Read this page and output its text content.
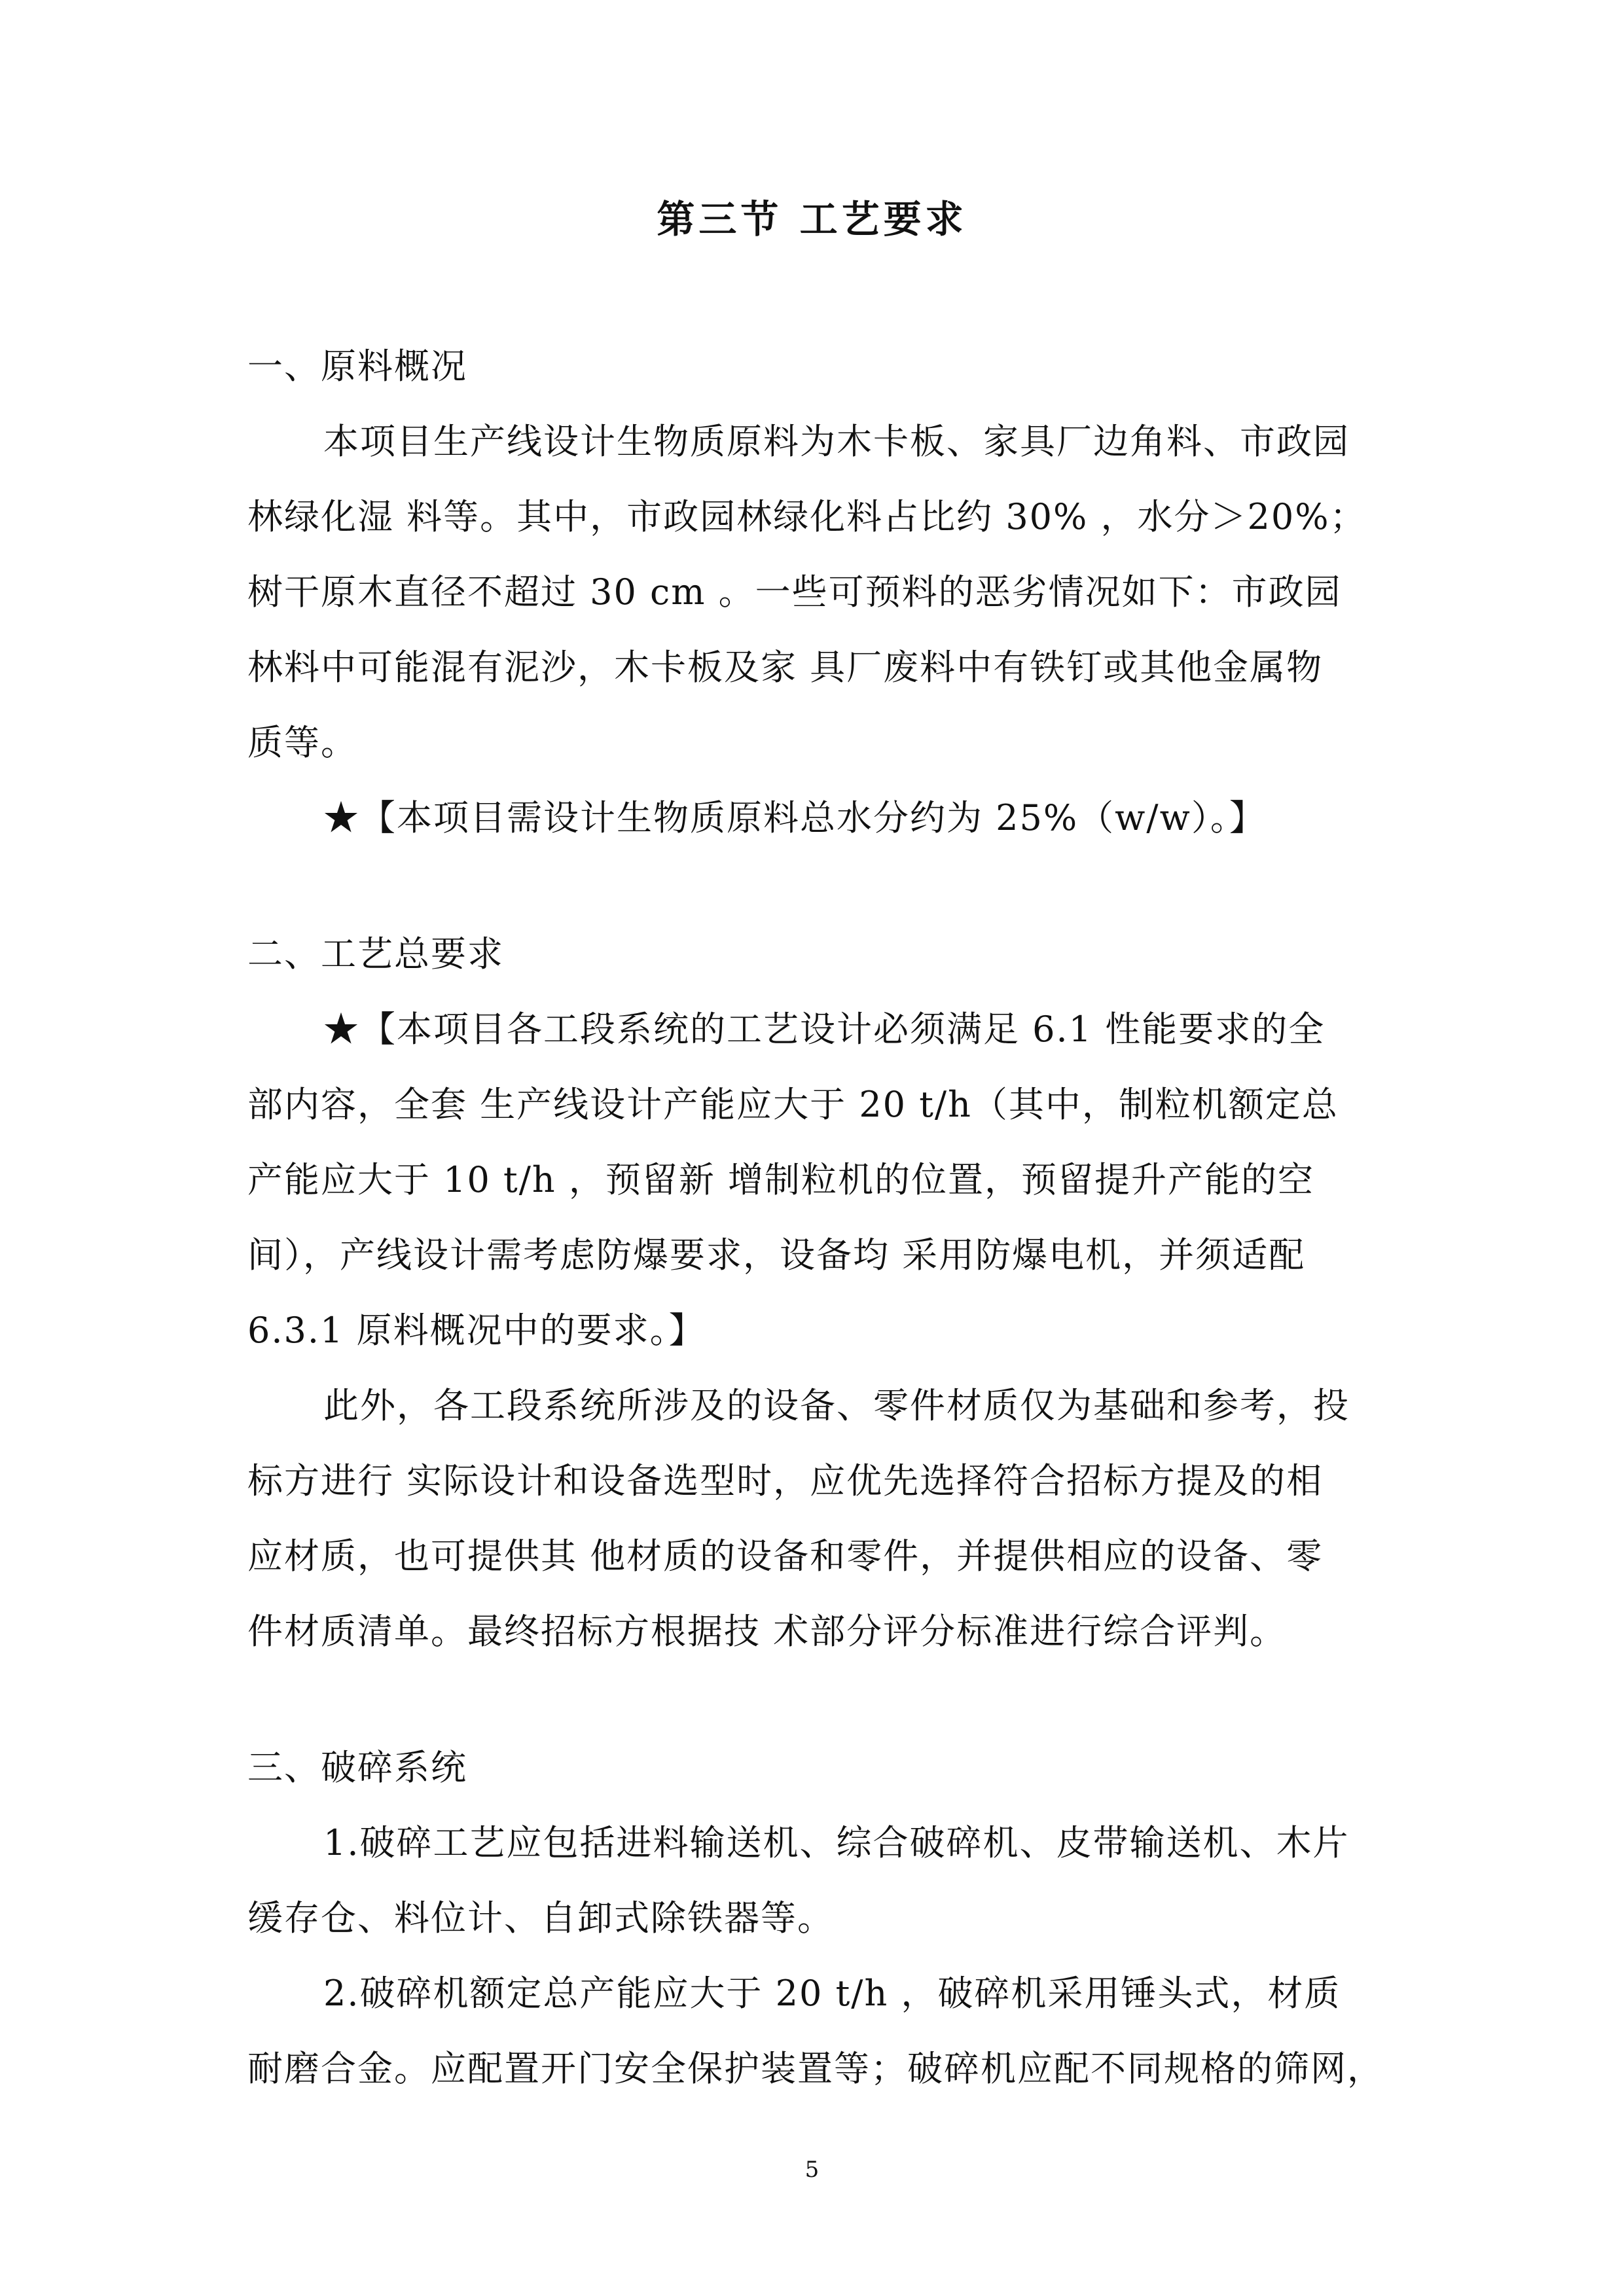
第三节 工艺要求
一、原料概况
本项目生产线设计生物质原料为木卡板、家具厂边角料、市政园
林绿化湿 料等。其中，市政园林绿化料占比约 30% ，水分＞20%；
树干原木直径不超过 30 cm 。一些可预料的恶劣情况如下：市政园
林料中可能混有泥沙，木卡板及家 具厂废料中有铁钉或其他金属物
质等。
★【本项目需设计生物质原料总水分约为 25%（w/w）。】
二、工艺总要求
★【本项目各工段系统的工艺设计必须满足 6.1 性能要求的全
部内容，全套 生产线设计产能应大于 20 t/h（其中，制粒机额定总
产能应大于 10 t/h ，预留新 增制粒机的位置，预留提升产能的空
间），产线设计需考虑防爆要求，设备均 采用防爆电机，并须适配
6.3.1 原料概况中的要求。】
此外，各工段系统所涉及的设备、零件材质仅为基础和参考，投
标方进行 实际设计和设备选型时，应优先选择符合招标方提及的相
应材质，也可提供其 他材质的设备和零件，并提供相应的设备、零
件材质清单。最终招标方根据技 术部分评分标准进行综合评判。
三、破碎系统
1.破碎工艺应包括进料输送机、综合破碎机、皮带输送机、木片
缓存仓、料位计、自卸式除铁器等。
2.破碎机额定总产能应大于 20 t/h ，破碎机采用锤头式，材质
耐磨合金。应配置开门安全保护装置等；破碎机应配不同规格的筛网，
5
